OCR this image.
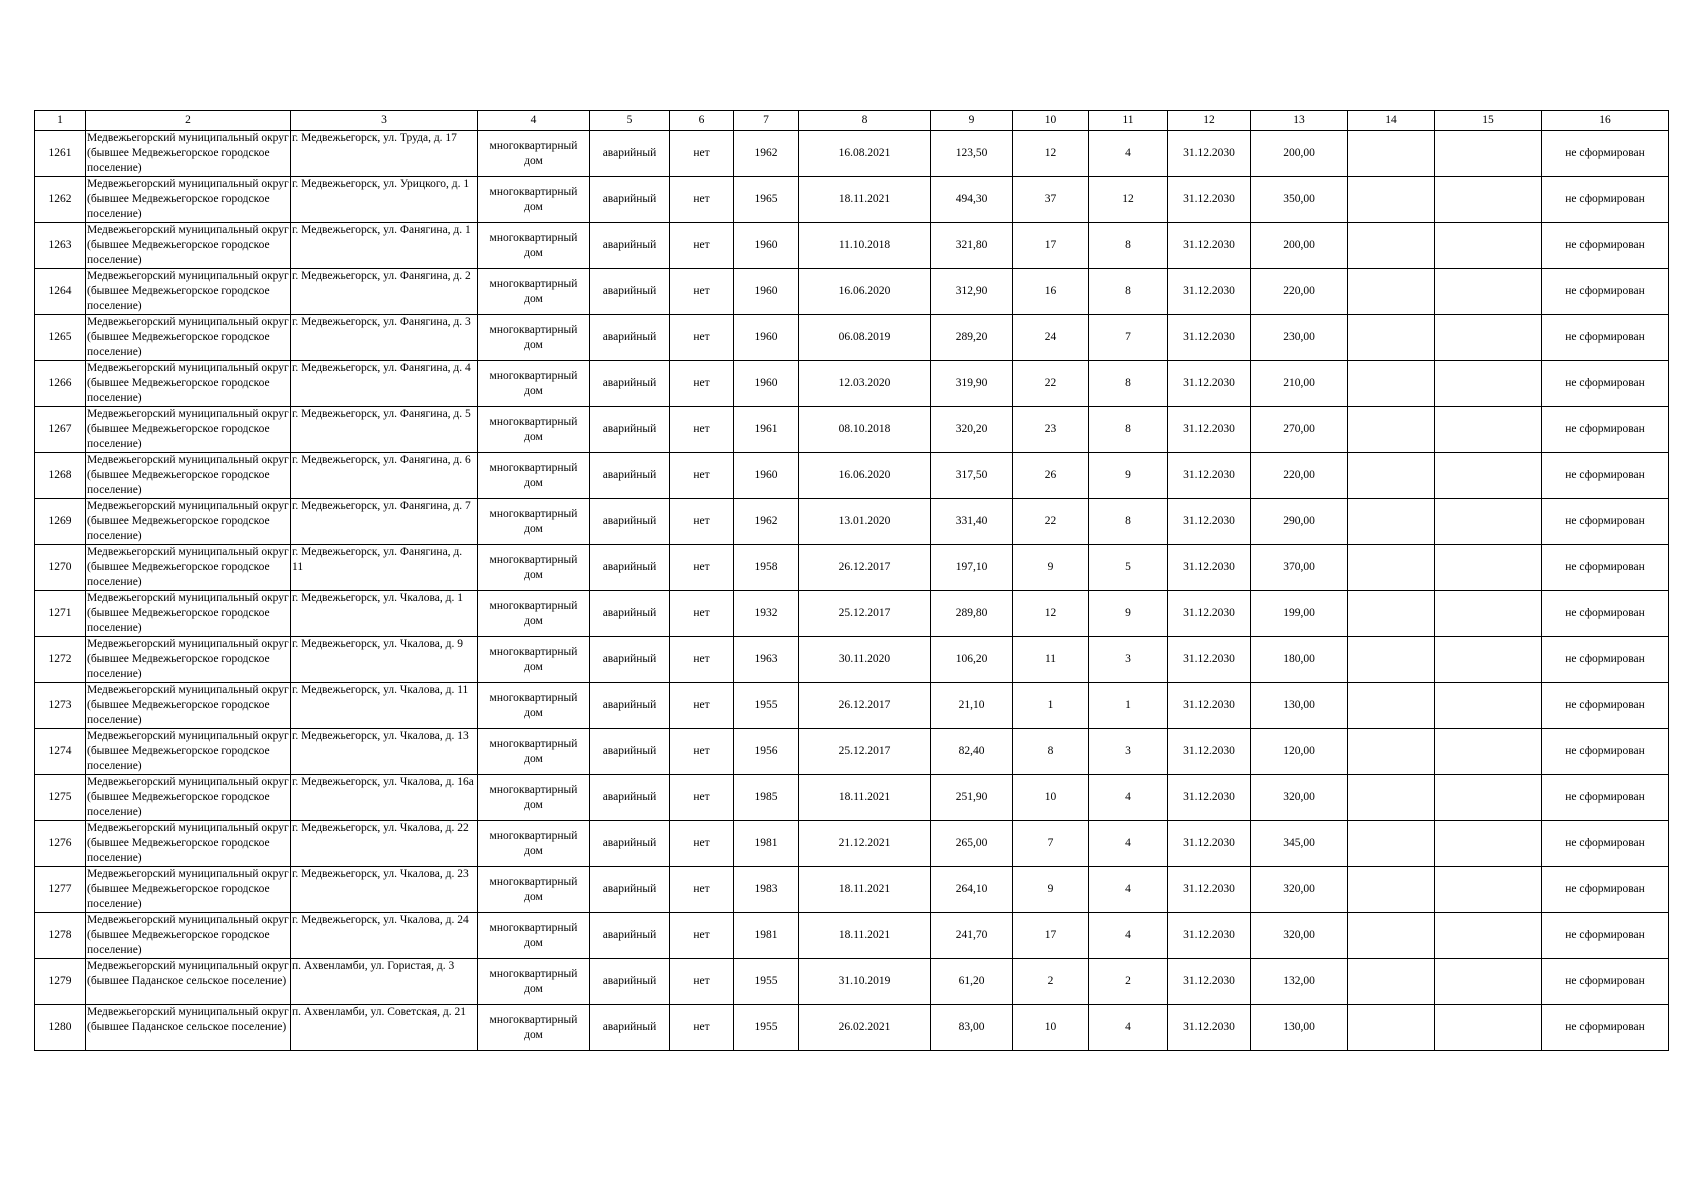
1	2	3	4	5	6	7	8	9	10	11	12	13	14	15	16
1261	Медвежьегорский муниципальный округ (бывшее Медвежьегорское городское поселение)	г. Медвежьегорск, ул. Труда, д. 17	многоквартирный дом	аварийный	нет	1962	16.08.2021	123,50	12	4	31.12.2030	200,00			не сформирован
1262	Медвежьегорский муниципальный округ (бывшее Медвежьегорское городское поселение)	г. Медвежьегорск, ул. Урицкого, д. 1	многоквартирный дом	аварийный	нет	1965	18.11.2021	494,30	37	12	31.12.2030	350,00			не сформирован
1263	Медвежьегорский муниципальный округ (бывшее Медвежьегорское городское поселение)	г. Медвежьегорск, ул. Фанягина, д. 1	многоквартирный дом	аварийный	нет	1960	11.10.2018	321,80	17	8	31.12.2030	200,00			не сформирован
1264	Медвежьегорский муниципальный округ (бывшее Медвежьегорское городское поселение)	г. Медвежьегорск, ул. Фанягина, д. 2	многоквартирный дом	аварийный	нет	1960	16.06.2020	312,90	16	8	31.12.2030	220,00			не сформирован
1265	Медвежьегорский муниципальный округ (бывшее Медвежьегорское городское поселение)	г. Медвежьегорск, ул. Фанягина, д. 3	многоквартирный дом	аварийный	нет	1960	06.08.2019	289,20	24	7	31.12.2030	230,00			не сформирован
1266	Медвежьегорский муниципальный округ (бывшее Медвежьегорское городское поселение)	г. Медвежьегорск, ул. Фанягина, д. 4	многоквартирный дом	аварийный	нет	1960	12.03.2020	319,90	22	8	31.12.2030	210,00			не сформирован
1267	Медвежьегорский муниципальный округ (бывшее Медвежьегорское городское поселение)	г. Медвежьегорск, ул. Фанягина, д. 5	многоквартирный дом	аварийный	нет	1961	08.10.2018	320,20	23	8	31.12.2030	270,00			не сформирован
1268	Медвежьегорский муниципальный округ (бывшее Медвежьегорское городское поселение)	г. Медвежьегорск, ул. Фанягина, д. 6	многоквартирный дом	аварийный	нет	1960	16.06.2020	317,50	26	9	31.12.2030	220,00			не сформирован
1269	Медвежьегорский муниципальный округ (бывшее Медвежьегорское городское поселение)	г. Медвежьегорск, ул. Фанягина, д. 7	многоквартирный дом	аварийный	нет	1962	13.01.2020	331,40	22	8	31.12.2030	290,00			не сформирован
1270	Медвежьегорский муниципальный округ (бывшее Медвежьегорское городское поселение)	г. Медвежьегорск, ул. Фанягина, д. 11	многоквартирный дом	аварийный	нет	1958	26.12.2017	197,10	9	5	31.12.2030	370,00			не сформирован
1271	Медвежьегорский муниципальный округ (бывшее Медвежьегорское городское поселение)	г. Медвежьегорск, ул. Чкалова, д. 1	многоквартирный дом	аварийный	нет	1932	25.12.2017	289,80	12	9	31.12.2030	199,00			не сформирован
1272	Медвежьегорский муниципальный округ (бывшее Медвежьегорское городское поселение)	г. Медвежьегорск, ул. Чкалова, д. 9	многоквартирный дом	аварийный	нет	1963	30.11.2020	106,20	11	3	31.12.2030	180,00			не сформирован
1273	Медвежьегорский муниципальный округ (бывшее Медвежьегорское городское поселение)	г. Медвежьегорск, ул. Чкалова, д. 11	многоквартирный дом	аварийный	нет	1955	26.12.2017	21,10	1	1	31.12.2030	130,00			не сформирован
1274	Медвежьегорский муниципальный округ (бывшее Медвежьегорское городское поселение)	г. Медвежьегорск, ул. Чкалова, д. 13	многоквартирный дом	аварийный	нет	1956	25.12.2017	82,40	8	3	31.12.2030	120,00			не сформирован
1275	Медвежьегорский муниципальный округ (бывшее Медвежьегорское городское поселение)	г. Медвежьегорск, ул. Чкалова, д. 16а	многоквартирный дом	аварийный	нет	1985	18.11.2021	251,90	10	4	31.12.2030	320,00			не сформирован
1276	Медвежьегорский муниципальный округ (бывшее Медвежьегорское городское поселение)	г. Медвежьегорск, ул. Чкалова, д. 22	многоквартирный дом	аварийный	нет	1981	21.12.2021	265,00	7	4	31.12.2030	345,00			не сформирован
1277	Медвежьегорский муниципальный округ (бывшее Медвежьегорское городское поселение)	г. Медвежьегорск, ул. Чкалова, д. 23	многоквартирный дом	аварийный	нет	1983	18.11.2021	264,10	9	4	31.12.2030	320,00			не сформирован
1278	Медвежьегорский муниципальный округ (бывшее Медвежьегорское городское поселение)	г. Медвежьегорск, ул. Чкалова, д. 24	многоквартирный дом	аварийный	нет	1981	18.11.2021	241,70	17	4	31.12.2030	320,00			не сформирован
1279	Медвежьегорский муниципальный округ (бывшее Паданское сельское поселение)	п. Ахвенламби, ул. Гористая, д. 3	многоквартирный дом	аварийный	нет	1955	31.10.2019	61,20	2	2	31.12.2030	132,00			не сформирован
1280	Медвежьегорский муниципальный округ (бывшее Паданское сельское поселение)	п. Ахвенламби, ул. Советская, д. 21	многоквартирный дом	аварийный	нет	1955	26.02.2021	83,00	10	4	31.12.2030	130,00			не сформирован
